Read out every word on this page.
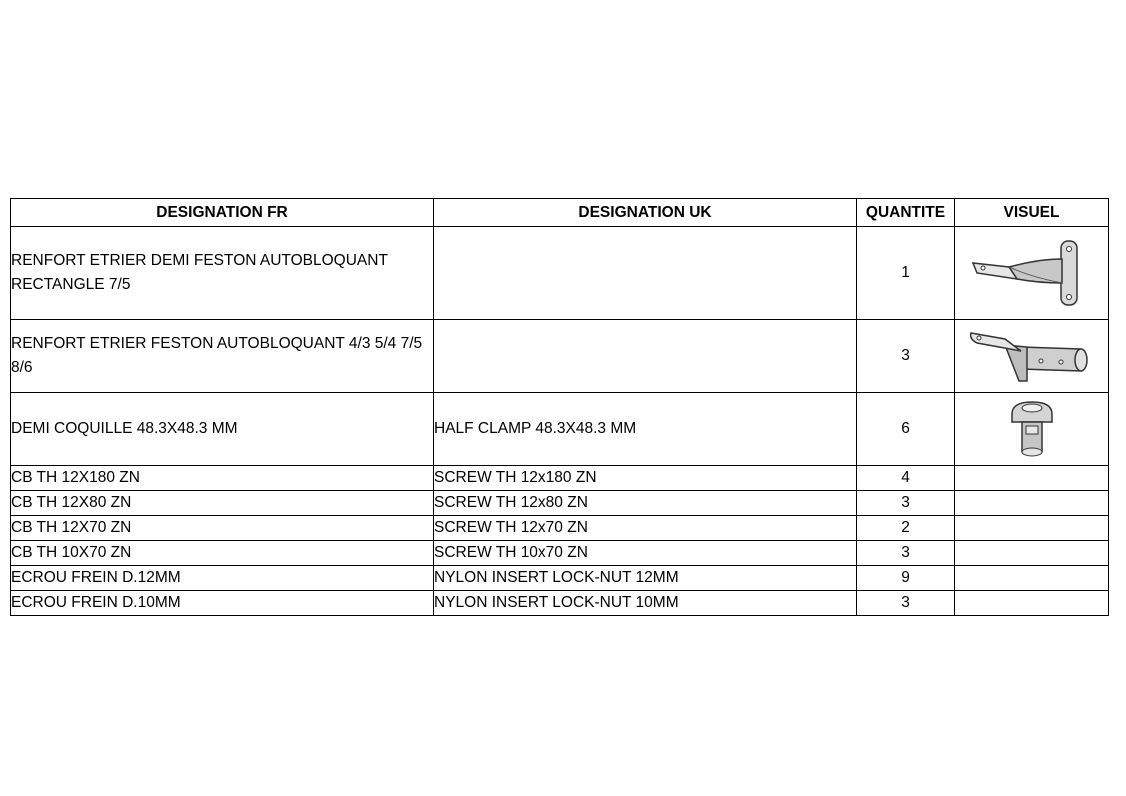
DESIGNATION FR	DESIGNATION UK	QUANTITE	VISUEL
RENFORT ETRIER DEMI FESTON AUTOBLOQUANT RECTANGLE 7/5		1	

RENFORT ETRIER FESTON AUTOBLOQUANT 4/3 5/4 7/5 8/6		3	

DEMI COQUILLE 48.3X48.3 MM	HALF CLAMP 48.3X48.3 MM	6	

CB TH 12X180 ZN	SCREW TH 12x180 ZN	4	
CB TH 12X80 ZN	SCREW TH 12x80 ZN	3	
CB TH 12X70 ZN	SCREW TH 12x70 ZN	2	
CB TH 10X70 ZN	SCREW TH 10x70 ZN	3	
ECROU FREIN D.12MM	NYLON INSERT LOCK-NUT 12MM	9	
ECROU FREIN D.10MM	NYLON INSERT LOCK-NUT 10MM	3	
